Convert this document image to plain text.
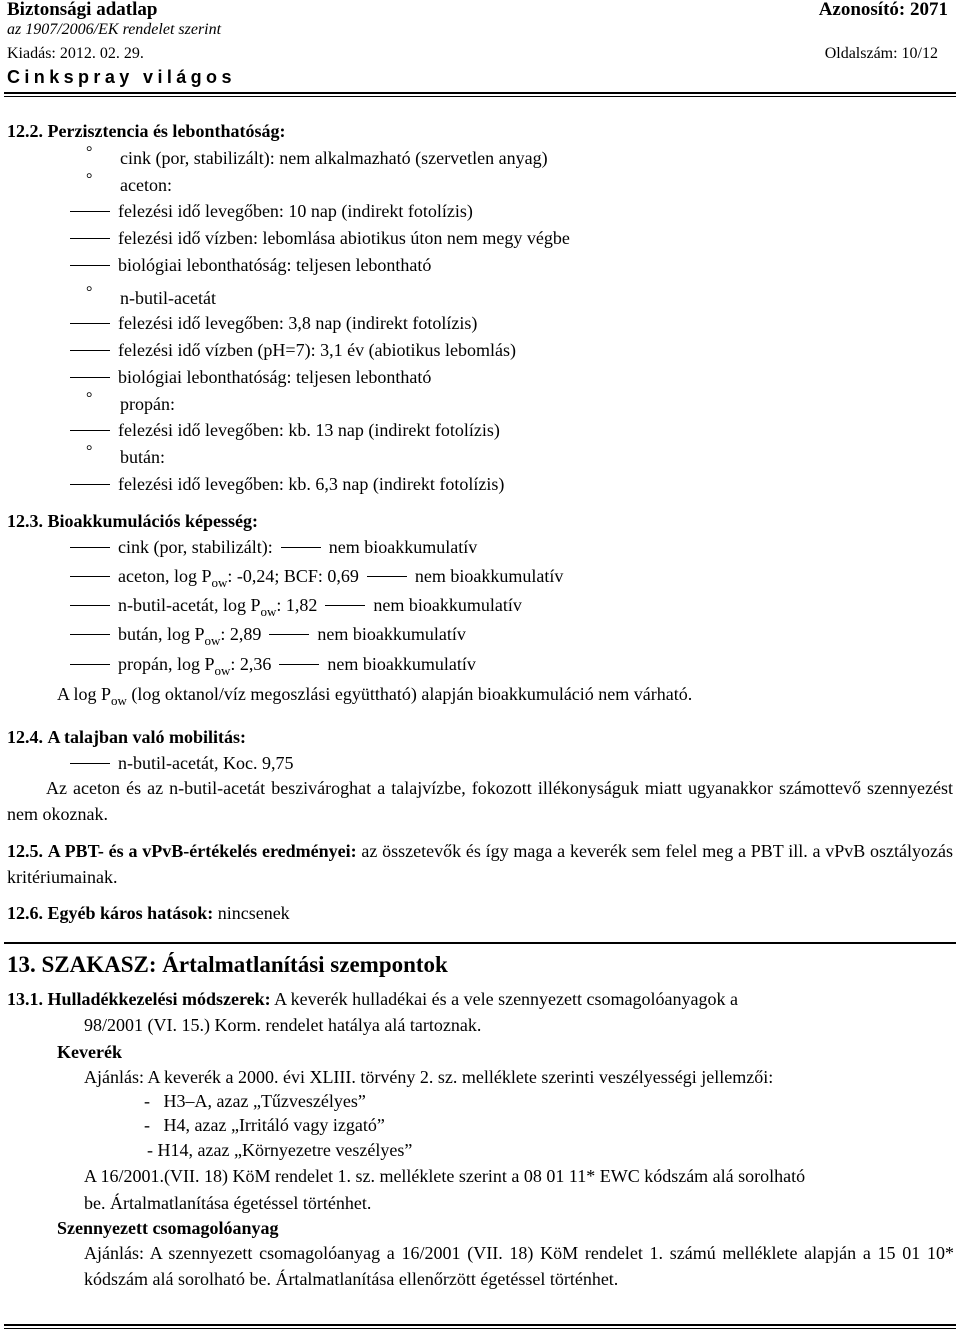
Biztonsági adatlap	Azonosító: 2071
az 1907/2006/EK rendelet szerint
Kiadás: 2012. 02. 29.	Oldalszám: 10/12
Cinkspray világos
12.2. Perzisztencia és lebonthatóság:
° cink (por, stabilizált): nem alkalmazható (szervetlen anyag)
° aceton:
felezési idő levegőben: 10 nap (indirekt fotolízis)
felezési idő vízben: lebomlása abiotikus úton nem megy végbe
biológiai lebonthatóság: teljesen lebontható
° n-butil-acetát
felezési idő levegőben: 3,8 nap (indirekt fotolízis)
felezési idő vízben (pH=7): 3,1 év (abiotikus lebomlás)
biológiai lebonthatóság: teljesen lebontható
° propán:
felezési idő levegőben: kb. 13 nap (indirekt fotolízis)
° bután:
felezési idő levegőben: kb. 6,3 nap (indirekt fotolízis)
12.3. Bioakkumulációs képesség:
cink (por, stabilizált):	nem bioakkumulatív
aceton, $\log P_{ow}$: -0,24; BCF: 0,69	nem bioakkumulatív
n-butil-acetát, $\log P_{ow}$: 1,82	nem bioakkumulatív
bután, $\log P_{ow}$: 2,89	nem bioakkumulatív
propán, $\log P_{ow}$: 2,36	nem bioakkumulatív
A $\log P_{ow}$ (log oktanol/víz megoszlási együttható) alapján bioakkumuláció nem várható.
12.4. A talajban való mobilitás:
n-butil-acetát, Koc. 9,75
Az aceton és az n-butil-acetát beszivároghat a talajvízbe, fokozott illékonyságuk miatt ugyanakkor számottevő szennyezést nem okoznak.
12.5. A PBT- és a vPvB-értékelés eredményei: az összetevők és így maga a keverék sem felel meg a PBT ill. a vPvB osztályozás kritériumainak.
12.6. Egyéb káros hatások: nincsenek
13. SZAKASZ: Ártalmatlanítási szempontok
13.1. Hulladékkezelési módszerek: A keverék hulladékai és a vele szennyezett csomagolóanyagok a
98/2001 (VI. 15.) Korm. rendelet hatálya alá tartoznak.
Keverék
Ajánlás: A keverék a 2000. évi XLIII. törvény 2. sz. melléklete szerinti veszélyességi jellemzői:
-   H3–A, azaz „Tűzveszélyes”
-   H4, azaz „Irritáló vagy izgató”
- H14, azaz „Környezetre veszélyes”
A 16/2001.(VII. 18) KöM rendelet 1. sz. melléklete szerint a 08 01 11* EWC kódszám alá sorolható
be. Ártalmatlanítása égetéssel történhet.
Szennyezett csomagolóanyag
Ajánlás: A szennyezett csomagolóanyag a 16/2001 (VII. 18) KöM rendelet 1. számú melléklete alapján a 15 01 10* kódszám alá sorolható be. Ártalmatlanítása ellenőrzött égetéssel történhet.
